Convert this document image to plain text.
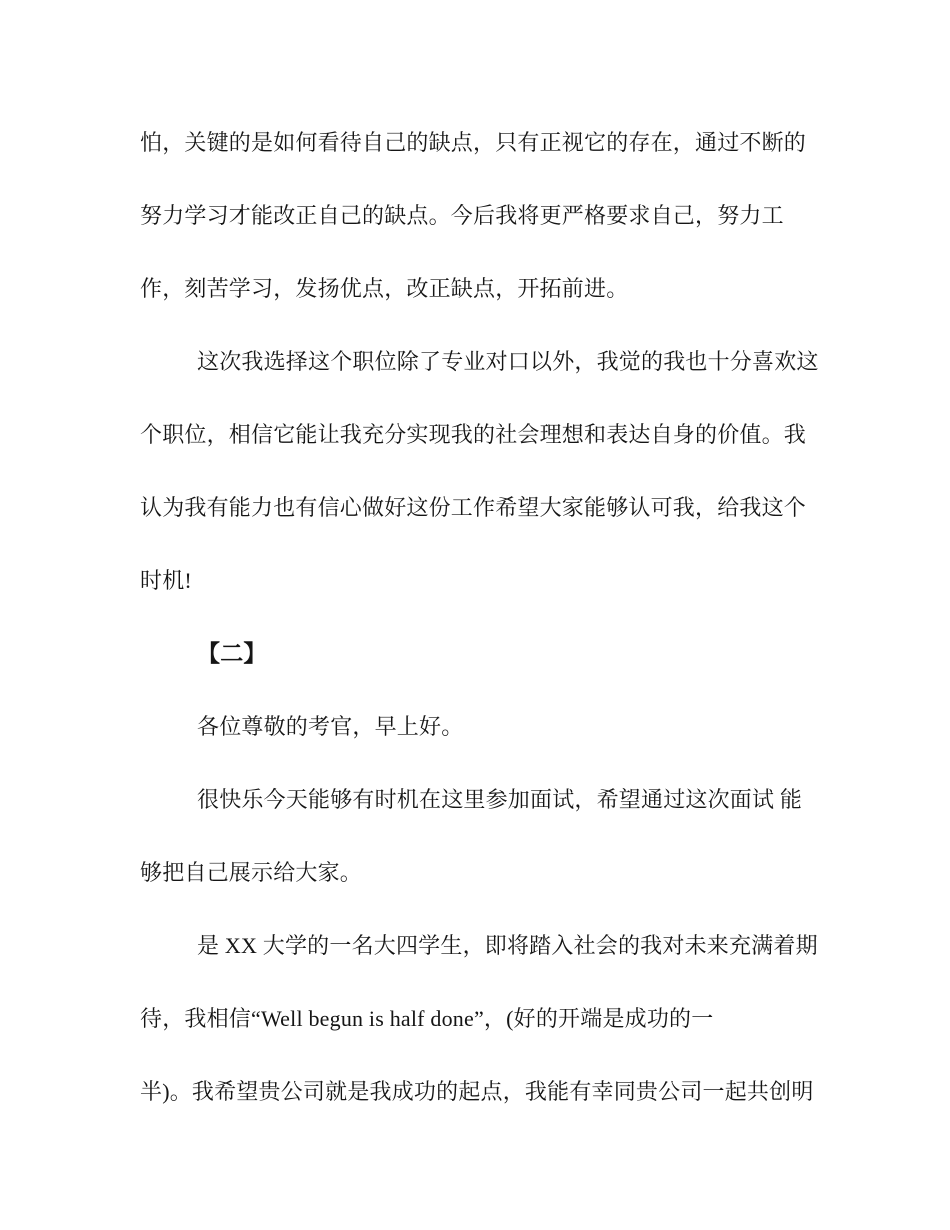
怕，关键的是如何看待自己的缺点，只有正视它的存在，通过不断的
努力学习才能改正自己的缺点。今后我将更严格要求自己，努力工
作，刻苦学习，发扬优点，改正缺点，开拓前进。
这次我选择这个职位除了专业对口以外，我觉的我也十分喜欢这
个职位，相信它能让我充分实现我的社会理想和表达自身的价值。我
认为我有能力也有信心做好这份工作希望大家能够认可我，给我这个
时机!
【二】
各位尊敬的考官，早上好。
很快乐今天能够有时机在这里参加面试，希望通过这次面试 能
够把自己展示给大家。
是 XX 大学的一名大四学生，即将踏入社会的我对未来充满着期
待，我相信“Well begun is half done”，(好的开端是成功的一
半)。我希望贵公司就是我成功的起点，我能有幸同贵公司一起共创明
